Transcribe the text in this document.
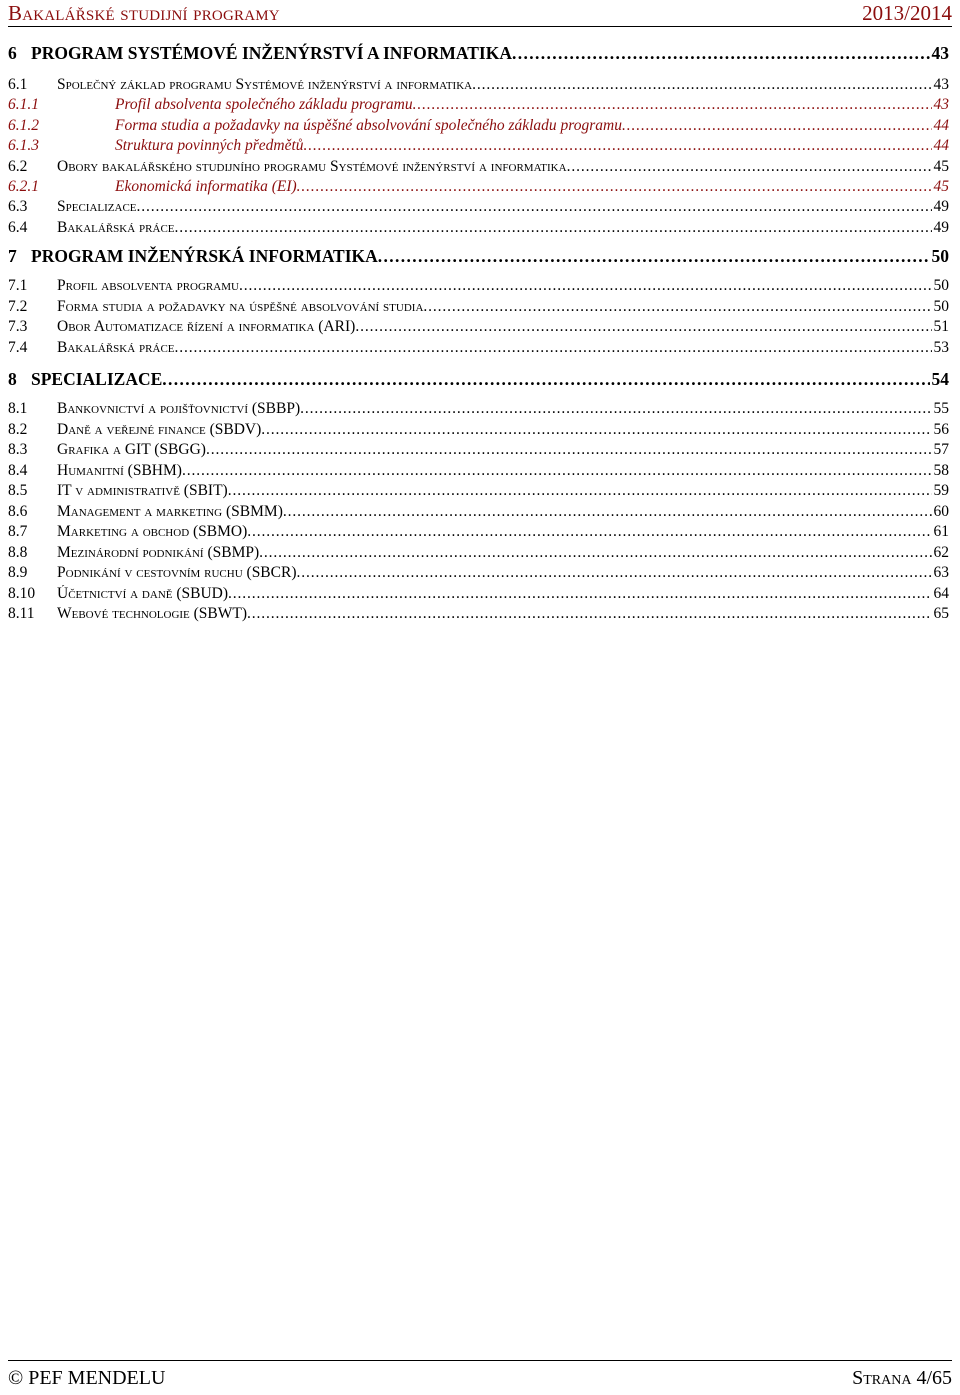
Bakalářské studijní programy	2013/2014
6 PROGRAM SYSTÉMOVÉ INŽENÝRSTVÍ A INFORMATIKA . . .	43
6.1	Společný základ programu Systémové inženýrství a informatika . . .	43
6.1.1	Profil absolventa společného základu programu . . .	43
6.1.2	Forma studia a požadavky na úspěšné absolvování společného základu programu . . .	44
6.1.3	Struktura povinných předmětů . . .	44
6.2	Obory bakalářského studijního programu Systémové inženýrství a informatika . . .	45
6.2.1	Ekonomická informatika (EI) . . .	45
6.3	Specializace . . .	49
6.4	Bakalářská práce . . .	49
7 PROGRAM INŽENÝRSKÁ INFORMATIKA . . .	50
7.1	Profil absolventa programu . . .	50
7.2	Forma studia a požadavky na úspěšné absolvování studia . . .	50
7.3	Obor Automatizace řízení a informatika (ARI) . . .	51
7.4	Bakalářská práce . . .	53
8 SPECIALIZACE . . .	54
8.1	Bankovnictví a pojišťovnictví (SBBP) . . .	55
8.2	Daně a veřejné finance (SBDV) . . .	56
8.3	Grafika a GIT (SBGG) . . .	57
8.4	Humanitní (SBHM) . . .	58
8.5	IT v administrativě (SBIT) . . .	59
8.6	Management a marketing (SBMM) . . .	60
8.7	Marketing a obchod (SBMO) . . .	61
8.8	Mezinárodní podnikání (SBMP) . . .	62
8.9	Podnikání v cestovním ruchu (SBCR) . . .	63
8.10	Účetnictví a daně (SBUD) . . .	64
8.11	Webové technologie (SBWT) . . .	65
© PEF MENDELU	Strana 4/65
